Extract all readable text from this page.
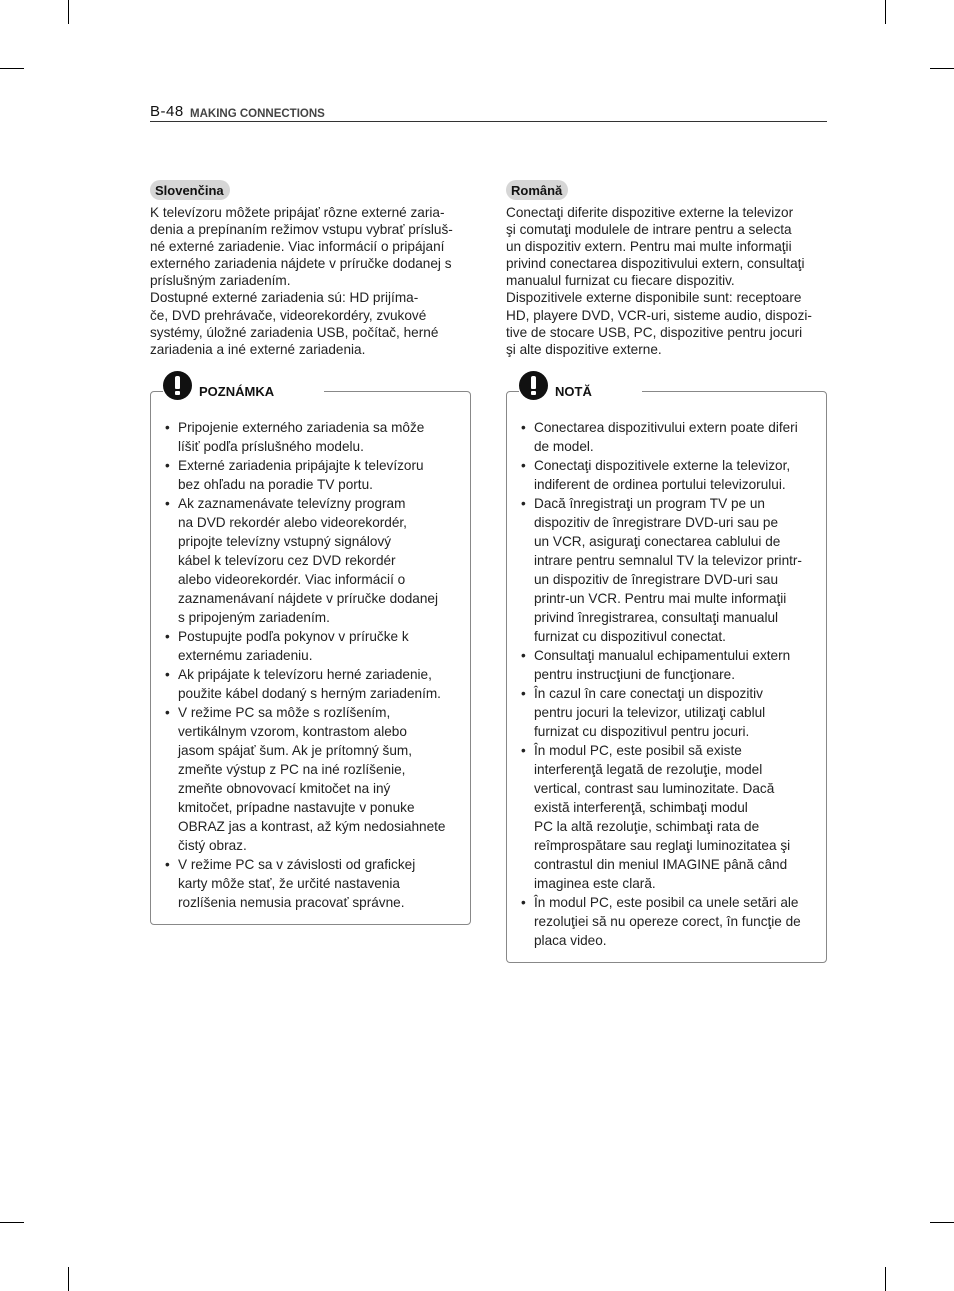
B-48 MAKING CONNECTIONS
Slovenčina
K televízoru môžete pripájať rôzne externé zaria-
denia a prepínaním režimov vstupu vybrať prísluš-
né externé zariadenie. Viac informácií o pripájaní
externého zariadenia nájdete v príručke dodanej s
príslušným zariadením.
Dostupné externé zariadenia sú: HD prijíma-
če, DVD prehrávače, videorekordéry, zvukové
systémy, úložné zariadenia USB, počítač, herné
zariadenia a iné externé zariadenia.
POZNÁMKA
• Pripojenie externého zariadenia sa môže
líšiť podľa príslušného modelu.
• Externé zariadenia pripájajte k televízoru
bez ohľadu na poradie TV portu.
• Ak zaznamenávate televízny program
na DVD rekordér alebo videorekordér,
pripojte televízny vstupný signálový
kábel k televízoru cez DVD rekordér
alebo videorekordér. Viac informácií o
zaznamenávaní nájdete v príručke dodanej
s pripojeným zariadením.
• Postupujte podľa pokynov v príručke k
externému zariadeniu.
• Ak pripájate k televízoru herné zariadenie,
použite kábel dodaný s herným zariadením.
• V režime PC sa môže s rozlíšením,
vertikálnym vzorom, kontrastom alebo
jasom spájať šum. Ak je prítomný šum,
zmeňte výstup z PC na iné rozlíšenie,
zmeňte obnovovací kmitočet na iný
kmitočet, prípadne nastavujte v ponuke
OBRAZ jas a kontrast, až kým nedosiahnete
čistý obraz.
• V režime PC sa v závislosti od grafickej
karty môže stať, že určité nastavenia
rozlíšenia nemusia pracovať správne.
Română
Conectaţi diferite dispozitive externe la televizor
şi comutaţi modulele de intrare pentru a selecta
un dispozitiv extern. Pentru mai multe informaţii
privind conectarea dispozitivului extern, consultaţi
manualul furnizat cu fiecare dispozitiv.
Dispozitivele externe disponibile sunt: receptoare
HD, playere DVD, VCR-uri, sisteme audio, dispozi-
tive de stocare USB, PC, dispozitive pentru jocuri
şi alte dispozitive externe.
NOTĂ
• Conectarea dispozitivului extern poate diferi
de model.
• Conectaţi dispozitivele externe la televizor,
indiferent de ordinea portului televizorului.
• Dacă înregistraţi un program TV pe un
dispozitiv de înregistrare DVD-uri sau pe
un VCR, asiguraţi conectarea cablului de
intrare pentru semnalul TV la televizor printr-
un dispozitiv de înregistrare DVD-uri sau
printr-un VCR. Pentru mai multe informaţii
privind înregistrarea, consultaţi manualul
furnizat cu dispozitivul conectat.
• Consultaţi manualul echipamentului extern
pentru instrucţiuni de funcţionare.
• În cazul în care conectaţi un dispozitiv
pentru jocuri la televizor, utilizaţi cablul
furnizat cu dispozitivul pentru jocuri.
• În modul PC, este posibil să existe
interferenţă legată de rezoluţie, model
vertical, contrast sau luminozitate. Dacă
există interferenţă, schimbaţi modul
PC la altă rezoluţie, schimbaţi rata de
reîmprospătare sau reglaţi luminozitatea şi
contrastul din meniul IMAGINE până când
imaginea este clară.
• În modul PC, este posibil ca unele setări ale
rezoluţiei să nu opereze corect, în funcţie de
placa video.
